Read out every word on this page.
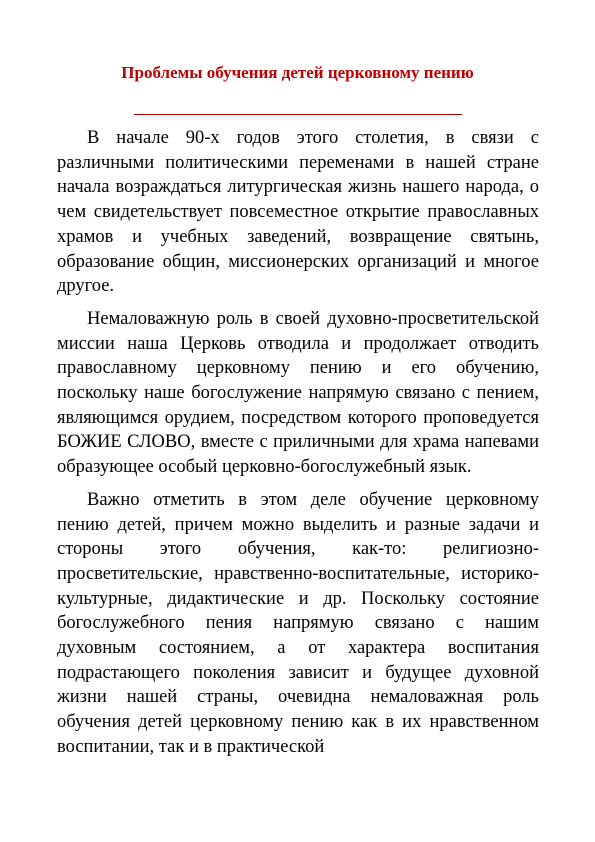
Проблемы обучения детей церковному пению

В начале 90-х годов этого столетия, в связи с различными политическими переменами в нашей стране начала возраждаться литургическая жизнь нашего народа, о чем свидетельствует повсеместное открытие православных храмов и учебных заведений, возвращение святынь, образование общин, миссионерских организаций и многое другое.

Немаловажную роль в своей духовно-просветительской миссии наша Церковь отводила и продолжает отводить православному церковному пению и его обучению, поскольку наше богослужение напрямую связано с пением, являющимся орудием, посредством которого проповедуется БОЖИЕ СЛОВО, вместе с приличными для храма напевами образующее особый церковно-богослужебный язык.

Важно отметить в этом деле обучение церковному пению детей, причем можно выделить и разные задачи и стороны этого обучения, как-то: религиозно-просветительские, нравственно-воспитательные, историко-культурные, дидактические и др. Поскольку состояние богослужебного пения напрямую связано с нашим духовным состоянием, а от характера воспитания подрастающего поколения зависит и будущее духовной жизни нашей страны, очевидна немаловажная роль обучения детей церковному пению как в их нравственном воспитании, так и в практической
